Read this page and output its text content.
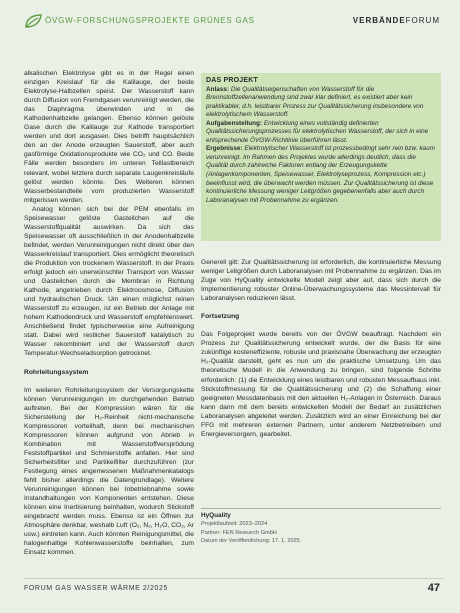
ÖVGW-FORSCHUNGSPROJEKTE GRÜNES GAS	VERBÄNDEFORUM

alkalischen Elektrolyse gibt es in der Regel einen einzigen Kreislauf für die Kalilauge, der beide Elektrolyse-Halbzellen speist. Der Wasserstoff kann durch Diffusion von Fremdgasen verunreinigt werden, die das Diaphragma überwinden und in die Kathodenhalbzelle gelangen. Ebenso können gelöste Gase durch die Kalilauge zur Kathode transportiert werden und dort ausgasen. Dies betrifft hauptsächlich den an der Anode erzeugten Sauerstoff, aber auch gasförmige Oxidationsprodukte wie CO₂ und CO. Beide Fälle werden besonders im unteren Teillastbereich relevant, wobei letztere durch separate Laugenkreisläufe gelöst werden könnte. Des Weiteren können Wasserbestandteile vom produzierten Wasserstoff mitgerissen werden.

Analog können sich bei der PEM ebenfalls im Speisewasser gelöste Gasteilchen auf die Wasserstoffqualität auswirken. Da sich das Speisewasser oft ausschließlich in der Anodenhalbzelle befindet, werden Verunreinigungen nicht direkt über den Wasserkreislauf transportiert. Dies ermöglicht theoretisch die Produktion von trockenem Wasserstoff. In der Praxis erfolgt jedoch ein unerwünschter Transport von Wasser und Gasteilchen durch die Membran in Richtung Kathode, angetrieben durch Elektroosmose, Diffusion und hydraulischen Druck. Um einen möglichst reinen Wasserstoff zu erzeugen, ist ein Betrieb der Anlage mit hohem Kathodendruck und Wasserstoff empfehlenswert. Anschließend findet typischerweise eine Aufreinigung statt. Dabei wird restlicher Sauerstoff katalytisch zu Wasser rekombiniert und der Wasserstoff durch Temperatur-Wechseladsorption getrocknet.

Rohrleitungssystem

Im weiteren Rohrleitungssystem der Versorgungskette können Verunreinigungen im durchgehenden Betrieb auftreten. Bei der Kompression wären für die Sicherstellung der H₂-Reinheit nicht-mechanische Kompressoren vorteilhaft, denn bei mechanischen Kompressoren können aufgrund von Abrieb in Kombination mit Wasserstoffversprödung Feststoffpartikel und Schmierstoffe anfallen. Hier sind Sicherheitsfilter und Partikelfilter durchzuführen (zur Festlegung eines angemessenen Maßnahmenkatalogs fehlt bisher allerdings die Datengrundlage). Weitere Verunreinigungen können bei Inbetriebnahme sowie Instandhaltungen von Komponenten entstehen. Diese können eine Inertisierung beinhalten, wodurch Stickstoff eingebracht werden muss. Ebenso ist ein Öffnen zur Atmosphäre denkbar, weshalb Luft (O₂, N₂, H₂O, CO₂, Ar usw.) eintreten kann. Auch könnten Reinigungsmittel, die halogenhaltige Kohlenwasserstoffe beinhalten, zum Einsatz kommen.

DAS PROJEKT

Anlass: Die Qualitätseigenschaften von Wasserstoff für die Brennstoffzellenanwendung sind zwar klar definiert, es existiert aber kein praktikabler, d.h. leistbarer Prozess zur Qualitätssicherung insbesondere von elektrolytischem Wasserstoff.

Aufgabenstellung: Entwicklung eines vollständig definierten Qualitätssicherungsprozesses für elektrolytischen Wasserstoff, der sich in eine entsprechende ÖVGW-Richtlinie überführen lässt.

Ergebnisse: Elektrolytischer Wasserstoff ist prozessbedingt sehr rein bzw. kaum verunreinigt. Im Rahmen des Projektes wurde allerdings deutlich, dass die Qualität durch zahlreiche Faktoren entlang der Erzeugungskette (Anlagenkomponenten, Speisewasser, Elektrolyseprozess, Kompression etc.) beeinflusst wird, die überwacht werden müssen. Zur Qualitätssicherung ist diese kontinuierliche Messung weniger Leitgrößen gegebenenfalls aber auch durch Laboranalysen mit Probennahme zu ergänzen.

Generell gilt: Zur Qualitätssicherung ist erforderlich, die kontinuierliche Messung weniger Leitgrößen durch Laboranalysen mit Probennahme zu ergänzen. Das im Zuge von HyQuality entwickelte Modell zeigt aber auf, dass sich durch die Implementierung robuster Online-Überwachungssysteme das Messintervall für Laboranalysen reduzieren lässt.

Fortsetzung

Das Folgeprojekt wurde bereits von der ÖVGW beauftragt. Nachdem ein Prozess zur Qualitätssicherung entwickelt wurde, der die Basis für eine zukünftige kosteneffiziente, robuste und praxisnahe Überwachung der erzeugten H₂-Qualität darstellt, geht es nun um die praktische Umsetzung. Um das theoretische Modell in die Anwendung zu bringen, sind folgende Schritte erforderlich: (1) die Entwicklung eines leistbaren und robusten Messaufbaus inkl. Stickstoffmessung für die Qualitätssicherung und (2) die Schaffung einer geeigneten Messdatenbasis mit den aktuellen H₂-Anlagen in Österreich. Daraus kann dann mit dem bereits entwickelten Modell der Bedarf an zusätzlichen Laboranalysen abgeleitet werden. Zusätzlich wird an einer Einreichung bei der FFG mit mehreren externen Partnern, unter anderem Netzbetreibern und Energieversorgern, gearbeitet.

HyQuality
Projektlaufzeit: 2023–2024
Partner: FEN Research GmbH
Datum der Veröffentlichung: 17. 1. 2025
FORUM GAS WASSER WÄRME 2/2025	47
